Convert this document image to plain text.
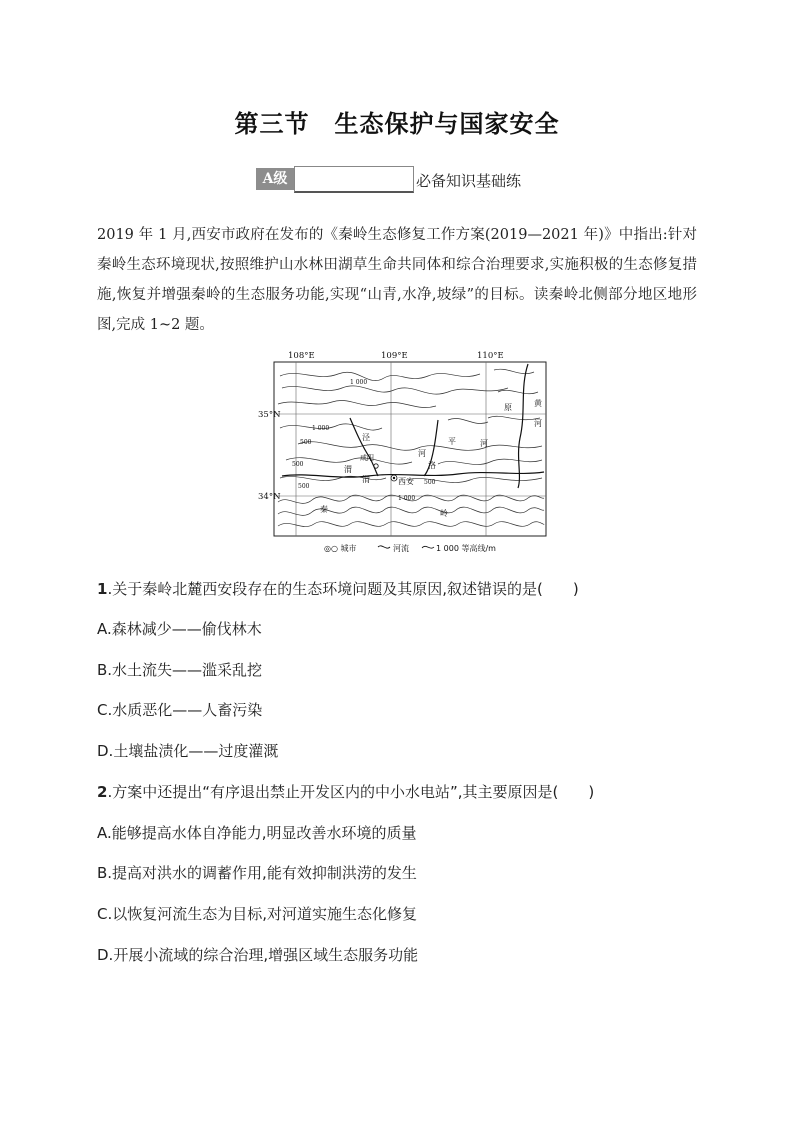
第三节　生态保护与国家安全
A级	必备知识基础练
2019 年 1 月,西安市政府在发布的《秦岭生态修复工作方案(2019—2021 年)》中指出:针对秦岭生态环境现状,按照维护山水林田湖草生命共同体和综合治理要求,实施积极的生态修复措施,恢复并增强秦岭的生态服务功能,实现“山青,水净,坡绿”的目标。读秦岭北侧部分地区地形图,完成 1~2 题。
108°E	109°E	110°E
35°N
34°N
黄
原
河
平	河
泾
咸阳	河
渭
渭	西安
秦	岭
洛
1 000
1 000
500
500
500
1 000
500
◎○ 城市	河流	1 000 等高线/m
1.关于秦岭北麓西安段存在的生态环境问题及其原因,叙述错误的是(　　)
A.森林减少——偷伐林木
B.水土流失——滥采乱挖
C.水质恶化——人畜污染
D.土壤盐渍化——过度灌溉
2.方案中还提出“有序退出禁止开发区内的中小水电站”,其主要原因是(　　)
A.能够提高水体自净能力,明显改善水环境的质量
B.提高对洪水的调蓄作用,能有效抑制洪涝的发生
C.以恢复河流生态为目标,对河道实施生态化修复
D.开展小流域的综合治理,增强区域生态服务功能
